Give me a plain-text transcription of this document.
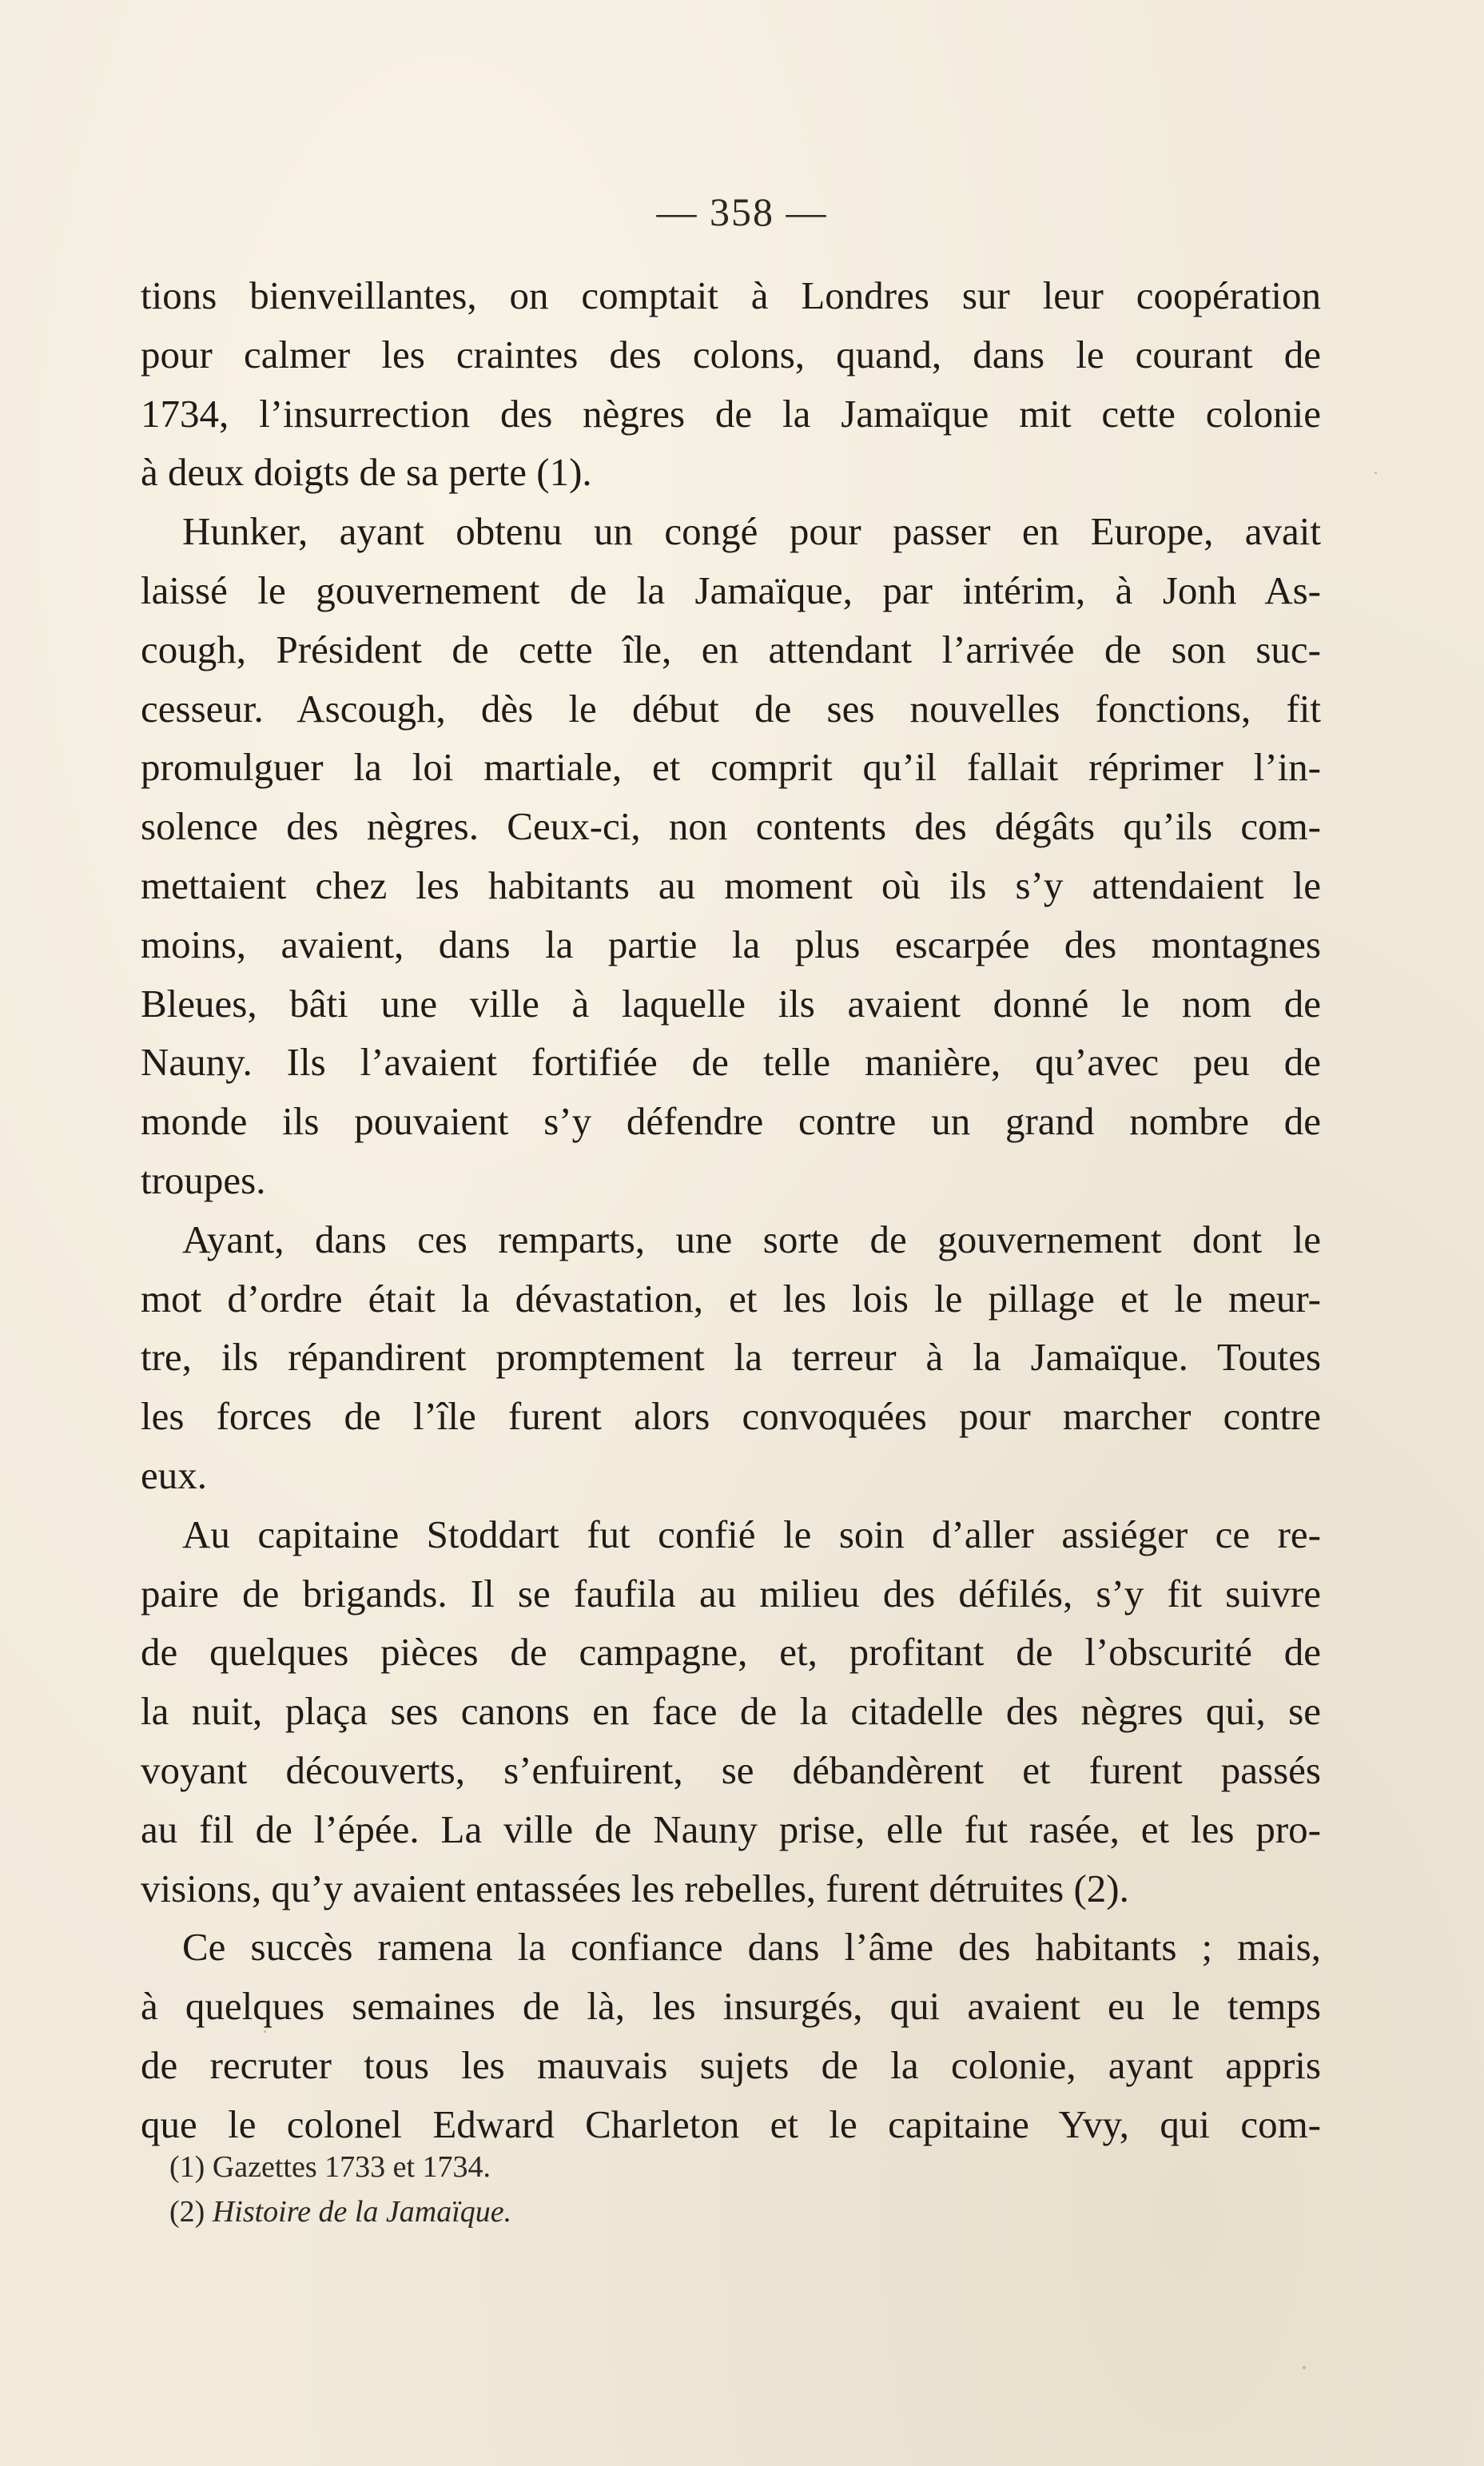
— 358 —
tions bienveillantes, on comptait à Londres sur leur coopération
pour calmer les craintes des colons, quand, dans le courant de
1734, l’insurrection des nègres de la Jamaïque mit cette colonie
à deux doigts de sa perte (1).
Hunker, ayant obtenu un congé pour passer en Europe, avait
laissé le gouvernement de la Jamaïque, par intérim, à Jonh As-
cough, Président de cette île, en attendant l’arrivée de son suc-
cesseur. Ascough, dès le début de ses nouvelles fonctions, fit
promulguer la loi martiale, et comprit qu’il fallait réprimer l’in-
solence des nègres. Ceux-ci, non contents des dégâts qu’ils com-
mettaient chez les habitants au moment où ils s’y attendaient le
moins, avaient, dans la partie la plus escarpée des montagnes
Bleues, bâti une ville à laquelle ils avaient donné le nom de
Nauny. Ils l’avaient fortifiée de telle manière, qu’avec peu de
monde ils pouvaient s’y défendre contre un grand nombre de
troupes.
Ayant, dans ces remparts, une sorte de gouvernement dont le
mot d’ordre était la dévastation, et les lois le pillage et le meur-
tre, ils répandirent promptement la terreur à la Jamaïque. Toutes
les forces de l’île furent alors convoquées pour marcher contre
eux.
Au capitaine Stoddart fut confié le soin d’aller assiéger ce re-
paire de brigands. Il se faufila au milieu des défilés, s’y fit suivre
de quelques pièces de campagne, et, profitant de l’obscurité de
la nuit, plaça ses canons en face de la citadelle des nègres qui, se
voyant découverts, s’enfuirent, se débandèrent et furent passés
au fil de l’épée. La ville de Nauny prise, elle fut rasée, et les pro-
visions, qu’y avaient entassées les rebelles, furent détruites (2).
Ce succès ramena la confiance dans l’âme des habitants ; mais,
à quelques semaines de là, les insurgés, qui avaient eu le temps
de recruter tous les mauvais sujets de la colonie, ayant appris
que le colonel Edward Charleton et le capitaine Yvy, qui com-
(1) Gazettes 1733 et 1734.
(2) Histoire de la Jamaïque.
